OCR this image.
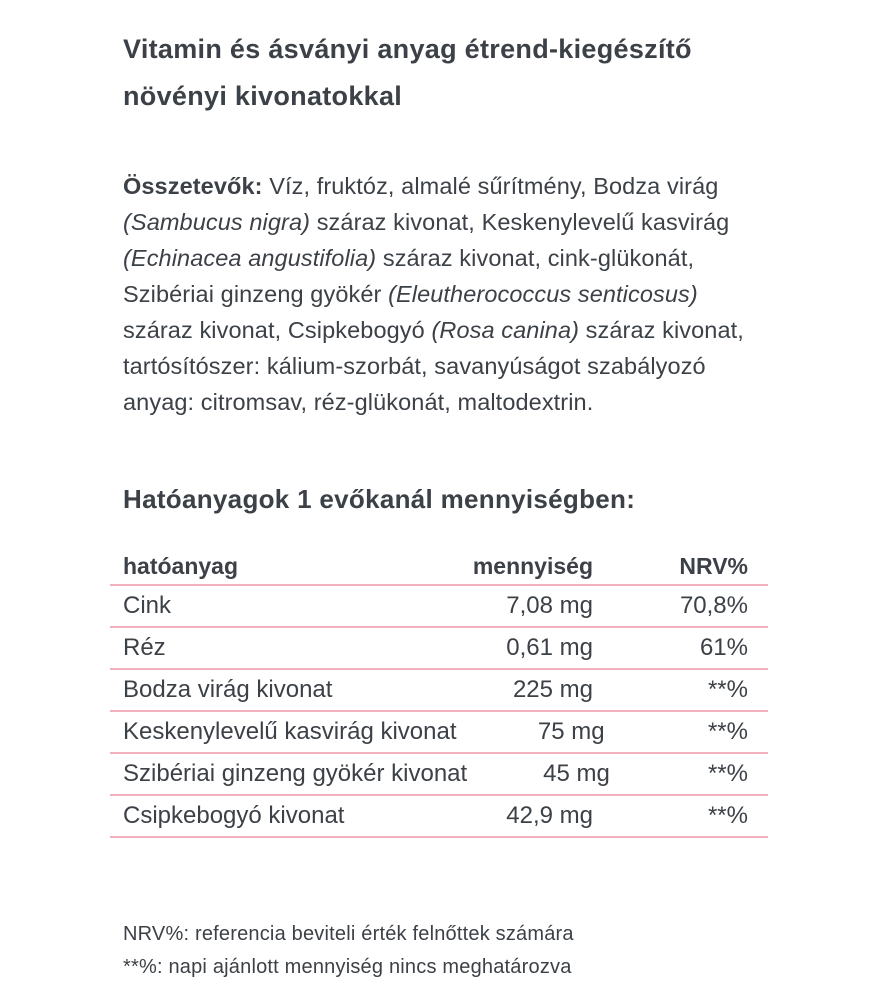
Vitamin és ásványi anyag étrend-kiegészítő
növényi kivonatokkal

Összetevők: Víz, fruktóz, almalé sűrítmény, Bodza virág
(Sambucus nigra) száraz kivonat, Keskenylevelű kasvirág
(Echinacea angustifolia) száraz kivonat, cink-glükonát,
Szibériai ginzeng gyökér (Eleutherococcus senticosus)
száraz kivonat, Csipkebogyó (Rosa canina) száraz kivonat,
tartósítószer: kálium-szorbát, savanyúságot szabályozó
anyag: citromsav, réz-glükonát, maltodextrin.

Hatóanyagok 1 evőkanál mennyiségben:
hatóanyag	mennyiség	NRV%
Cink	7,08 mg	70,8%
Réz	0,61 mg	61%
Bodza virág kivonat	225 mg	**%
Keskenylevelű kasvirág kivonat	75 mg	**%
Szibériai ginzeng gyökér kivonat	45 mg	**%
Csipkebogyó kivonat	42,9 mg	**%
NRV%: referencia beviteli érték felnőttek számára
**%: napi ajánlott mennyiség nincs meghatározva
